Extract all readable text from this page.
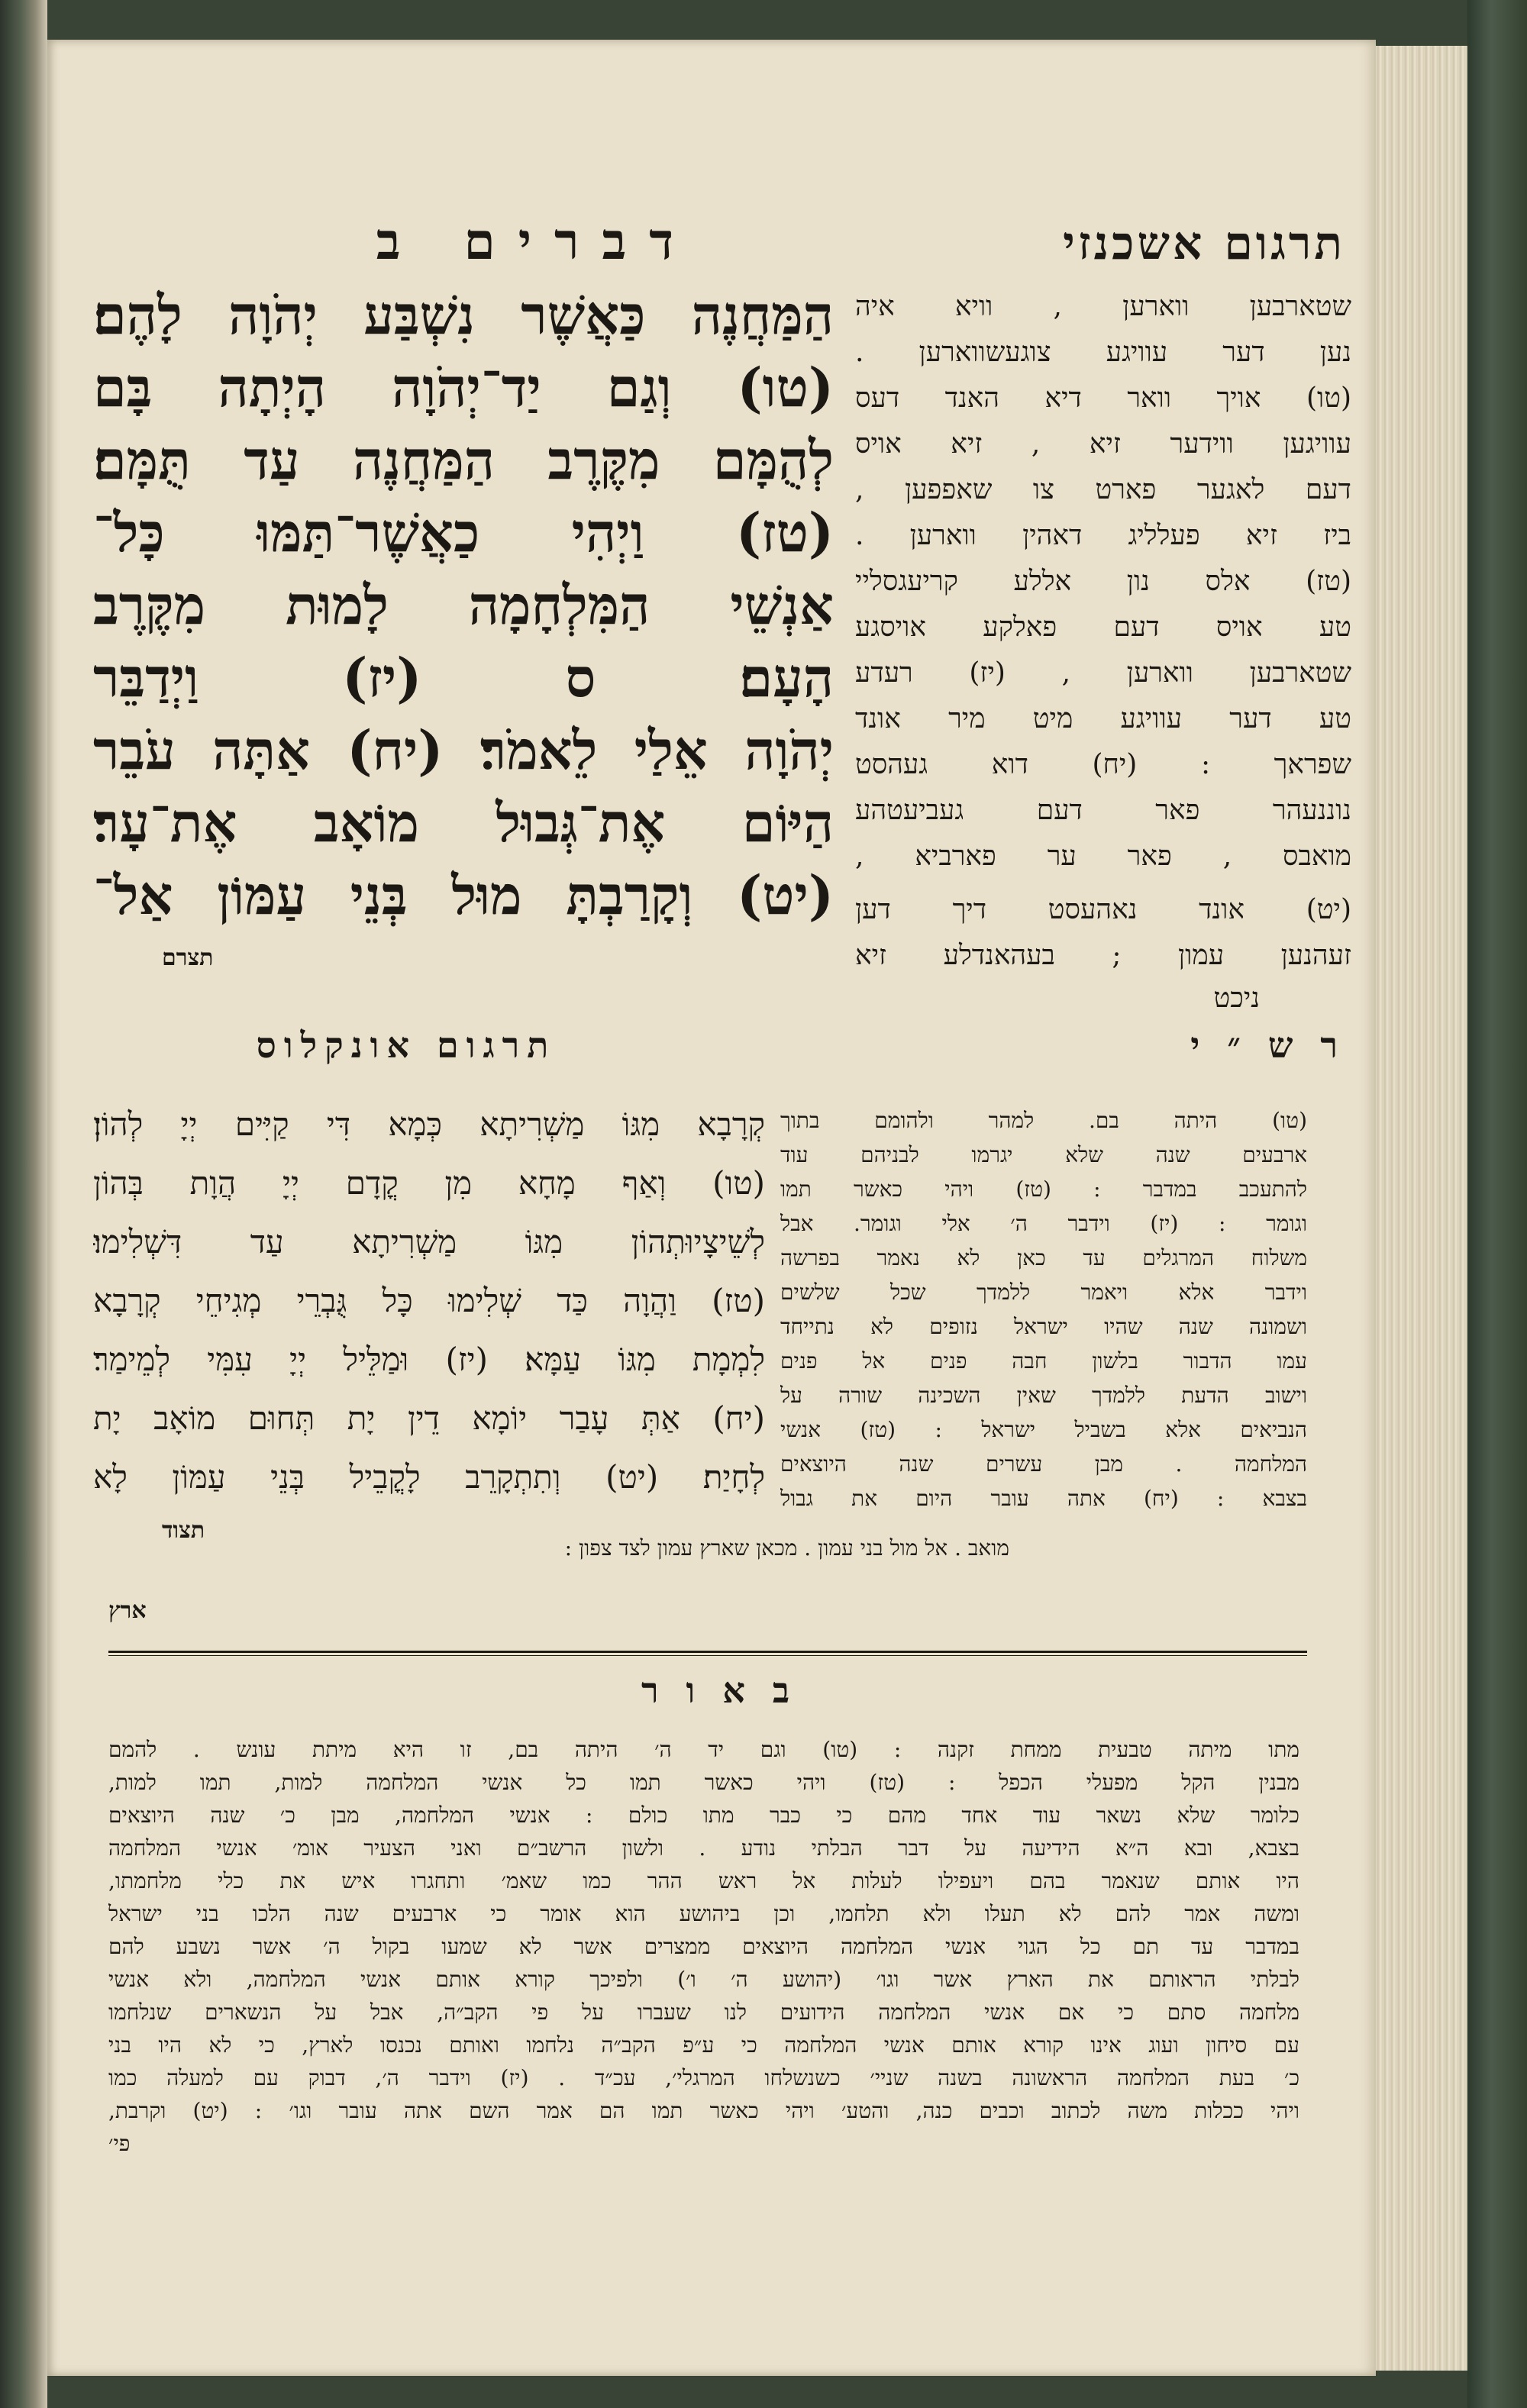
דברים ב	תרגום אשכנזי
הַמַּחֲנֶה כַּאֲשֶׁר נִשְׁבַּע יְהֹוָה לָהֶם׃
(טו) וְגַם יַד־יְהֹוָה הָיְתָה בָּם
לְהֻמָּם מִקֶּרֶב הַמַּחֲנֶה עַד תֻּמָּם׃
(טז) וַיְהִי כַאֲשֶׁר־תַּמּוּ כָּל־
אַנְשֵׁי הַמִּלְחָמָה לָמוּת מִקֶּרֶב
הָעָם׃ ס (יז) וַיְדַבֵּר
יְהֹוָה אֵלַי לֵאמֹר׃ (יח) אַתָּה עֹבֵר
הַיּוֹם אֶת־גְּבוּל מוֹאָב אֶת־עָר׃
(יט) וְקָרַבְתָּ מוּל בְּנֵי עַמּוֹן אַל־
תצרם
שטארבען ווארען , וויא איה
נען דער עוויגע צוגעשווארען .
(טו) אויך וואר דיא האנד דעס
עוויגען ווידער זיא , זיא אויס
דעם לאגער פארט צו שאפפען ,
ביז זיא פעלליג דאהין ווארען .
(טז) אלס נון אללע קריעגסליי
טע אויס דעם פאלקע אויסגע
שטארבען ווארען , (יז) רעדע
טע דער עוויגע מיט מיר אונד
שפראך : (יח) דוא געהסט
נוננעהר פאר דעם געביעטהע
מואבס , פאר ער פארביא ,
(יט) אונד נאהעסט דיך דען
זעהנען עמון ; בעהאנדלע זיא
ניכט
ר ש ״ י
(טו) היתה בם. למהר ולהומם בתוך
ארבעים שנה שלא יגרמו לבניהם עוד
להתעכב במדבר : (טז) ויהי כאשר תמו
וגומר : (יז) וידבר ה׳ אלי וגומר. אבל
משלוח המרגלים עד כאן לא נאמר בפרשה
וידבר אלא ויאמר ללמדך שכל שלשים
ושמונה שנה שהיו ישראל נזופים לא נתייחד
עמו הדבור בלשון חבה פנים אל פנים
וישוב הדעת ללמדך שאין השכינה שורה על
הנביאים אלא בשביל ישראל : (טז) אנשי
המלחמה . מבן עשרים שנה היוצאים
בצבא : (יח) אתה עובר היום את גבול
תרגום אונקלוס
קְרָבָא מִגּוֹ מַשְׁרִיתָא כְּמָא דִּי קַיִּים יְיָ לְהוֹן׃
(טו) וְאַף מָחָא מִן קֳדָם יְיָ הֲוָת בְּהוֹן
לְשֵׁיצָיוּתְהוֹן מִגּוֹ מַשְׁרִיתָא עַד דִּשְׁלִימוּ׃
(טז) וַהֲוָה כַּד שְׁלִימוּ כָּל גֻּבְרֵי מְגִיחֵי קְרָבָא
לִמְמָת מִגּוֹ עַמָּא׃ (יז) וּמַלֵּיל יְיָ עִמִּי לְמֵימַר׃
(יח) אַתְּ עָבַר יוֹמָא דֵין יָת תְּחוּם מוֹאָב יָת
לְחָיַת׃ (יט) וְתִתְקָרֵב לָקֳבֵיל בְּנֵי עַמּוֹן לָא
תצוד
מואב . אל מול בני עמון . מכאן שארץ עמון לצד צפון :
ארץ
ב א ו ר
מתו מיתה טבעית ממחת זקנה : (טו) וגם יד ה׳ היתה בם, זו היא מיתת עונש . להמם
מבנין הקל מפעלי הכפל : (טז) ויהי כאשר תמו כל אנשי המלחמה למות, תמו למות,
כלומר שלא נשאר עוד אחד מהם כי כבר מתו כולם : אנשי המלחמה, מבן כ׳ שנה היוצאים
בצבא, ובא ה״א הידיעה על דבר הבלתי נודע . ולשון הרשב״ם ואני הצעיר אומ׳ אנשי המלחמה
היו אותם שנאמר בהם ויעפילו לעלות אל ראש ההר כמו שאמ׳ ותחגרו איש את כלי מלחמתו,
ומשה אמר להם לא תעלו ולא תלחמו, וכן ביהושע הוא אומר כי ארבעים שנה הלכו בני ישראל
במדבר עד תם כל הגוי אנשי המלחמה היוצאים ממצרים אשר לא שמעו בקול ה׳ אשר נשבע להם
לבלתי הראותם את הארץ אשר וגו׳ (יהושע ה׳ ו׳) ולפיכך קורא אותם אנשי המלחמה, ולא אנשי
מלחמה סתם כי אם אנשי המלחמה הידועים לנו שעברו על פי הקב״ה, אבל על הנשארים שנלחמו
עם סיחון ועוג אינו קורא אותם אנשי המלחמה כי ע״פ הקב״ה נלחמו ואותם נכנסו לארץ, כי לא היו בני
כ׳ בעת המלחמה הראשונה בשנה שניי׳ כשנשלחו המרגלי׳, עכ״ד . (יז) וידבר ה׳, דבוק עם למעלה כמו
ויהי ככלות משה לכתוב וכבים כנה, והטע׳ ויהי כאשר תמו הם אמר השם אתה עובר וגו׳ : (יט) וקרבת,
פי׳
